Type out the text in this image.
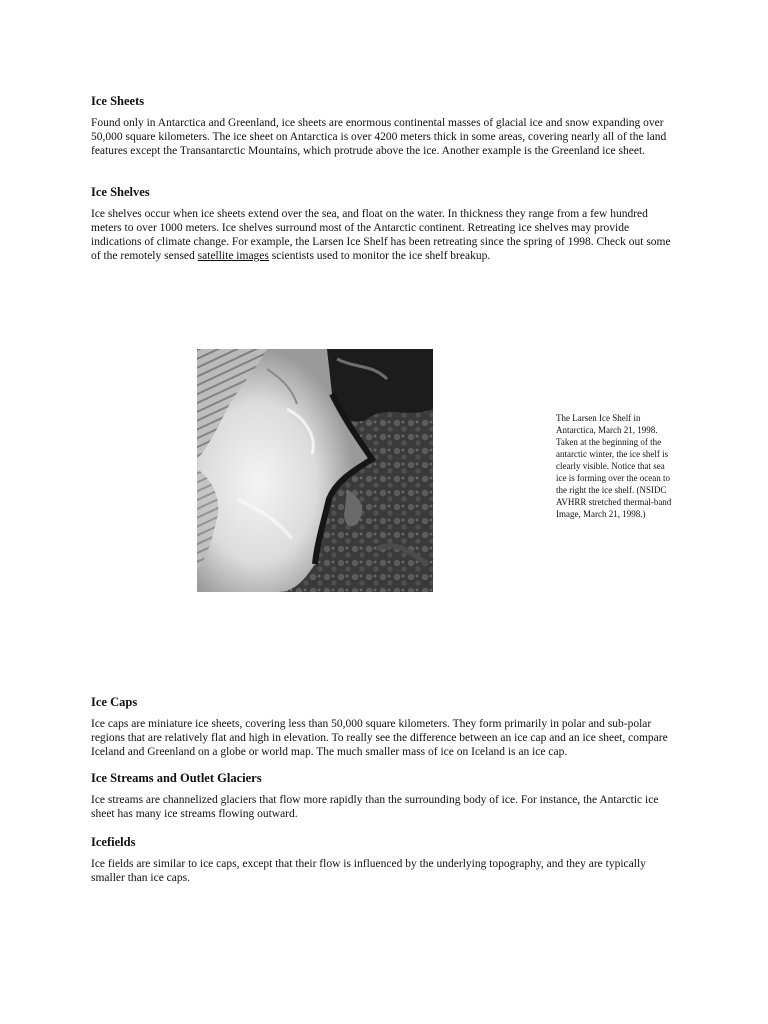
Ice Sheets

Found only in Antarctica and Greenland, ice sheets are enormous continental masses of glacial ice and snow expanding over 50,000 square kilometers. The ice sheet on Antarctica is over 4200 meters thick in some areas, covering nearly all of the land features except the Transantarctic Mountains, which protrude above the ice. Another example is the Greenland ice sheet.

Ice Shelves

Ice shelves occur when ice sheets extend over the sea, and float on the water. In thickness they range from a few hundred meters to over 1000 meters. Ice shelves surround most of the Antarctic continent. Retreating ice shelves may provide indications of climate change. For example, the Larsen Ice Shelf has been retreating since the spring of 1998. Check out some of the remotely sensed satellite images scientists used to monitor the ice shelf breakup.

The Larsen Ice Shelf in Antarctica, March 21, 1998. Taken at the beginning of the antarctic winter, the ice shelf is clearly visible. Notice that sea ice is forming over the ocean to the right the ice shelf. (NSIDC AVHRR stretched thermal-band Image, March 21, 1998.)
Ice Caps

Ice caps are miniature ice sheets, covering less than 50,000 square kilometers. They form primarily in polar and sub-polar regions that are relatively flat and high in elevation. To really see the difference between an ice cap and an ice sheet, compare Iceland and Greenland on a globe or world map. The much smaller mass of ice on Iceland is an ice cap.

Ice Streams and Outlet Glaciers

Ice streams are channelized glaciers that flow more rapidly than the surrounding body of ice. For instance, the Antarctic ice sheet has many ice streams flowing outward.

Icefields

Ice fields are similar to ice caps, except that their flow is influenced by the underlying topography, and they are typically smaller than ice caps.
